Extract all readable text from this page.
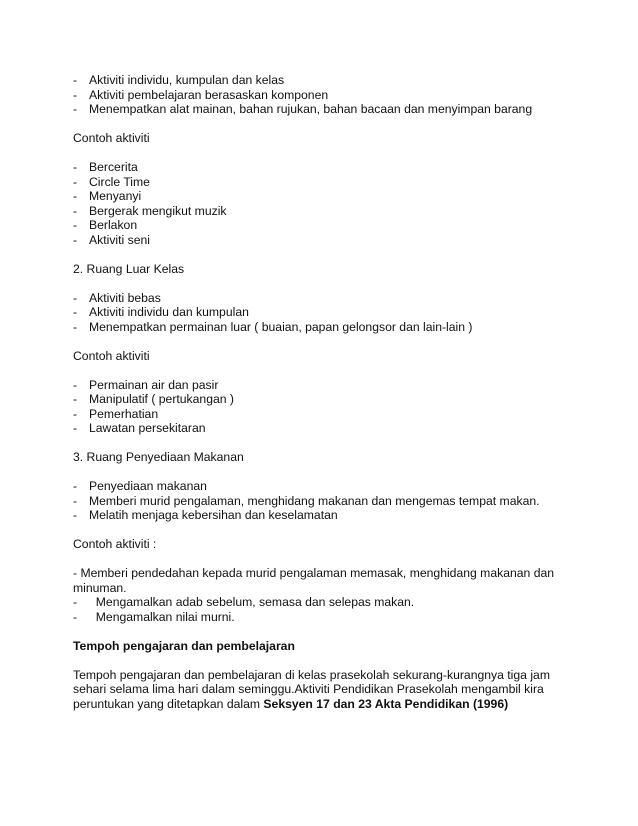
- Aktiviti individu, kumpulan dan kelas
- Aktiviti pembelajaran berasaskan komponen
- Menempatkan alat mainan, bahan rujukan, bahan bacaan dan menyimpan barang
Contoh aktiviti
- Bercerita
- Circle Time
- Menyanyi
- Bergerak mengikut muzik
- Berlakon
- Aktiviti seni
2. Ruang Luar Kelas
- Aktiviti bebas
- Aktiviti individu dan kumpulan
- Menempatkan permainan luar ( buaian, papan gelongsor dan lain-lain )
Contoh aktiviti
- Permainan air dan pasir
- Manipulatif ( pertukangan )
- Pemerhatian
- Lawatan persekitaran
3. Ruang Penyediaan Makanan
- Penyediaan makanan
- Memberi murid pengalaman, menghidang makanan dan mengemas tempat makan.
- Melatih menjaga kebersihan dan keselamatan
Contoh aktiviti :
- Memberi pendedahan kepada murid pengalaman memasak, menghidang makanan dan minuman.
- Mengamalkan adab sebelum, semasa dan selepas makan.
- Mengamalkan nilai murni.
Tempoh pengajaran dan pembelajaran
Tempoh pengajaran dan pembelajaran di kelas prasekolah sekurang-kurangnya tiga jam sehari selama lima hari dalam seminggu.Aktiviti Pendidikan Prasekolah mengambil kira peruntukan yang ditetapkan dalam Seksyen 17 dan 23 Akta Pendidikan (1996)
